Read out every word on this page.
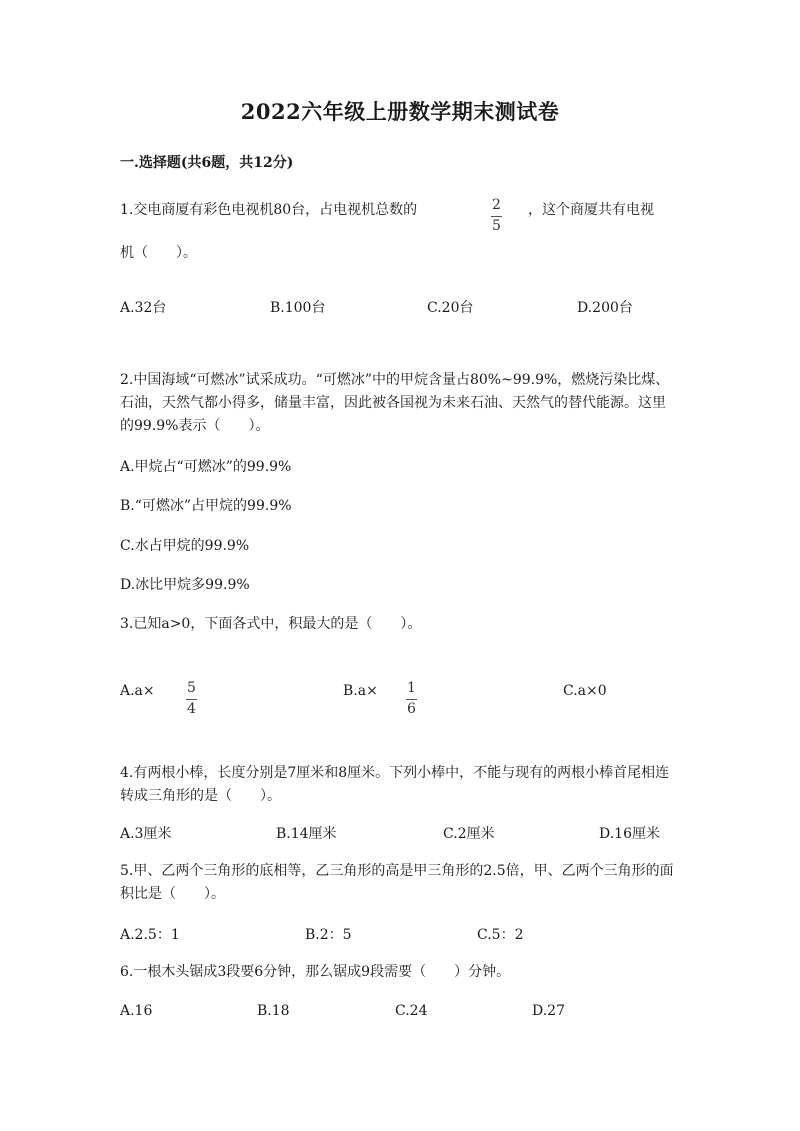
2022六年级上册数学期末测试卷
一.选择题(共6题，共12分)
1.交电商厦有彩色电视机80台，占电视机总数的	$\frac{2}{5}$ ，这个商厦共有电视
机（　　）。
A.32台	B.100台	C.20台	D.200台
2.中国海域“可燃冰”试采成功。“可燃冰”中的甲烷含量占80%~99.9%，燃烧污染比煤、石油，天然气都小得多，储量丰富，因此被各国视为未来石油、天然气的替代能源。这里的99.9%表示（　　）。
A.甲烷占“可燃冰”的99.9%
B.“可燃冰”占甲烷的99.9%
C.水占甲烷的99.9%
D.冰比甲烷多99.9%
3.已知a>0，下面各式中，积最大的是（　　）。
$A.a\times \frac{5}{4}$	$B.a\times \frac{1}{6}$	C.a×0
4.有两根小棒，长度分别是7厘米和8厘米。下列小棒中，不能与现有的两根小棒首尾相连转成三角形的是（　　）。
A.3厘米	B.14厘米	C.2厘米	D.16厘米
5.甲、乙两个三角形的底相等，乙三角形的高是甲三角形的2.5倍，甲、乙两个三角形的面积比是（　　）。
A.2.5：1	B.2：5	C.5：2
6.一根木头锯成3段要6分钟，那么锯成9段需要（　　）分钟。
A.16	B.18	C.24	D.27
